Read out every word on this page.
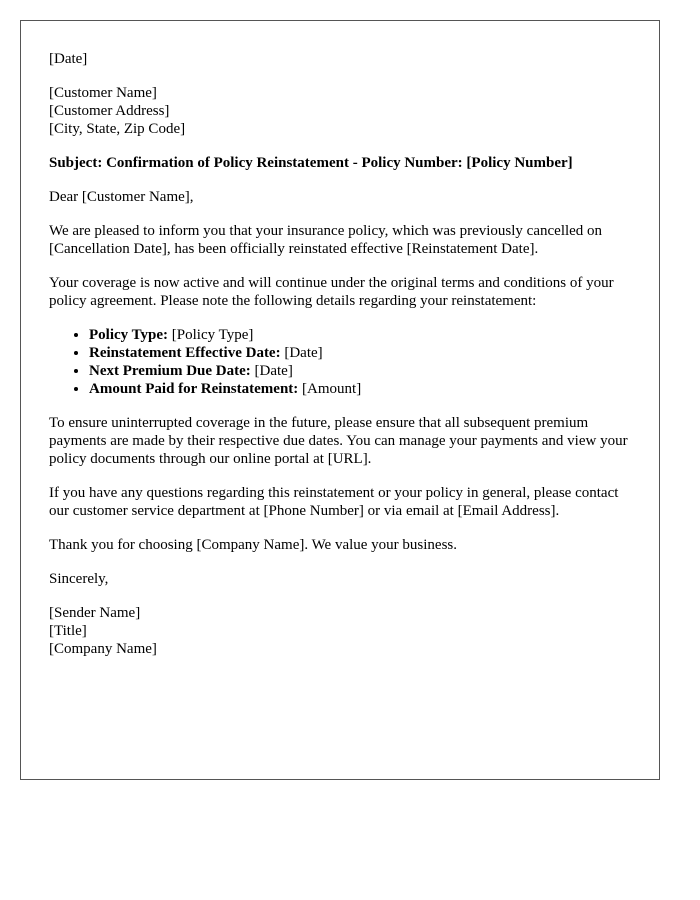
[Date]
[Customer Name]
[Customer Address]
[City, State, Zip Code]
Subject: Confirmation of Policy Reinstatement - Policy Number: [Policy Number]
Dear [Customer Name],
We are pleased to inform you that your insurance policy, which was previously cancelled on [Cancellation Date], has been officially reinstated effective [Reinstatement Date].
Your coverage is now active and will continue under the original terms and conditions of your policy agreement. Please note the following details regarding your reinstatement:
• Policy Type: [Policy Type]
• Reinstatement Effective Date: [Date]
• Next Premium Due Date: [Date]
• Amount Paid for Reinstatement: [Amount]
To ensure uninterrupted coverage in the future, please ensure that all subsequent premium payments are made by their respective due dates. You can manage your payments and view your policy documents through our online portal at [URL].
If you have any questions regarding this reinstatement or your policy in general, please contact our customer service department at [Phone Number] or via email at [Email Address].
Thank you for choosing [Company Name]. We value your business.
Sincerely,
[Sender Name]
[Title]
[Company Name]
